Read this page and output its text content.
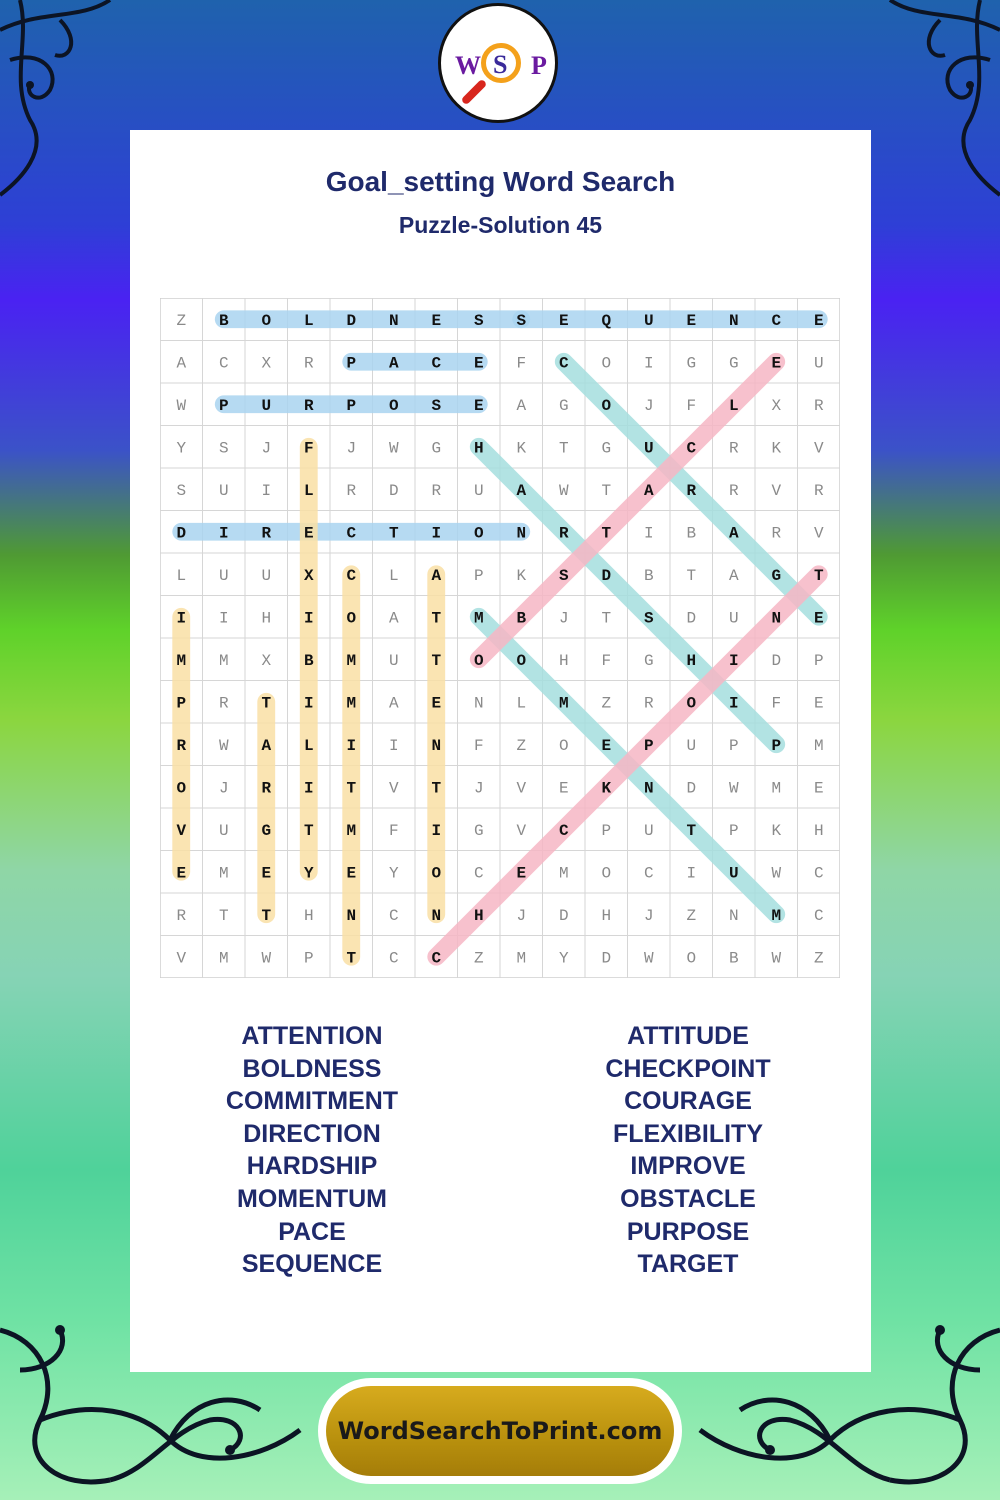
W S P
Goal_setting Word Search
Puzzle-Solution 45
Z B O L D N E S S E Q U E N C E
A C X R P A C E F C O I G G E U
W P U R P O S E A G O J F L X R
Y S J F J W G H K T G U C R K V
S U I L R D R U A W T A R R V R
D I R E C T I O N R T I B A R V
L U U X C L A P K S D B T A G T
I I H I O A T M B J T S D U N E
M M X B M U T O O H F G H I D P
P R T I M A E N L M Z R O I F E
R W A L I I N F Z O E P U P P M
O J R I T V T J V E K N D W M E
V U G T M F I G V C P U T P K H
E M E Y E Y O C E M O C I U W C
R T T H N C N H J D H J Z N M C
V M W P T C C Z M Y D W O B W Z
ATTENTION
BOLDNESS
COMMITMENT
DIRECTION
HARDSHIP
MOMENTUM
PACE
SEQUENCE
ATTITUDE
CHECKPOINT
COURAGE
FLEXIBILITY
IMPROVE
OBSTACLE
PURPOSE
TARGET
WordSearchToPrint.com
